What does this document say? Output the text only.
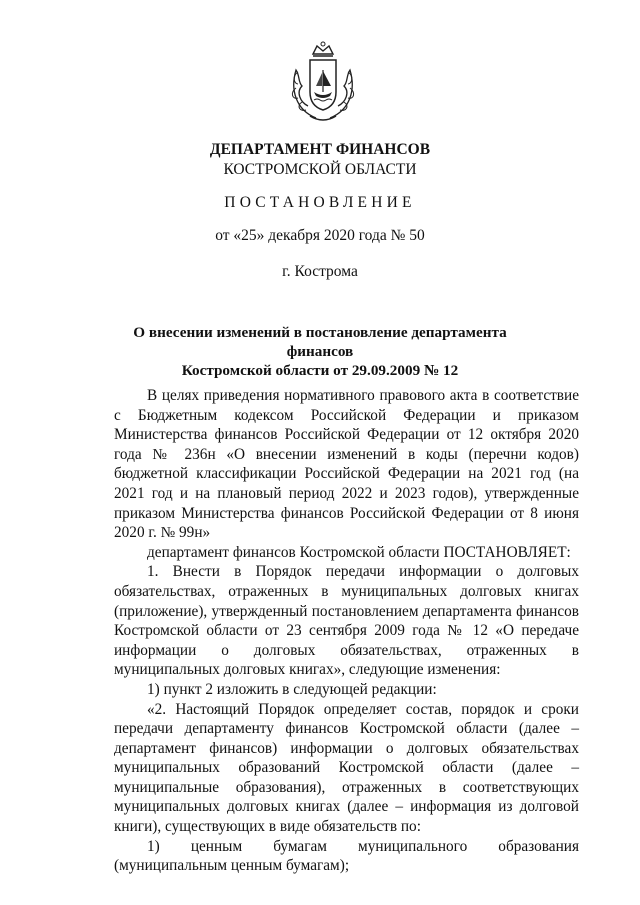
ДЕПАРТАМЕНТ ФИНАНСОВ
КОСТРОМСКОЙ ОБЛАСТИ
ПОСТАНОВЛЕНИЕ
от «25» декабря 2020 года № 50
г. Кострома
О внесении изменений в постановление департамента финансов
Костромской области от 29.09.2009 № 12

В целях приведения нормативного правового акта в соответствие с Бюджетным кодексом Российской Федерации и приказом Министерства финансов Российской Федерации от 12 октября 2020 года № 236н «О внесении изменений в коды (перечни кодов) бюджетной классификации Российской Федерации на 2021 год (на 2021 год и на плановый период 2022 и 2023 годов), утвержденные приказом Министерства финансов Российской Федерации от 8 июня 2020 г. № 99н»

департамент финансов Костромской области ПОСТАНОВЛЯЕТ:

1. Внести в Порядок передачи информации о долговых обязательствах, отраженных в муниципальных долговых книгах (приложение), утвержденный постановлением департамента финансов Костромской области от 23 сентября 2009 года № 12 «О передаче информации о долговых обязательствах, отраженных в муниципальных долговых книгах», следующие изменения:

1) пункт 2 изложить в следующей редакции:

«2. Настоящий Порядок определяет состав, порядок и сроки передачи департаменту финансов Костромской области (далее – департамент финансов) информации о долговых обязательствах муниципальных образований Костромской области (далее – муниципальные образования), отраженных в соответствующих муниципальных долговых книгах (далее – информация из долговой книги), существующих в виде обязательств по:

1) ценным бумагам муниципального образования (муниципальным ценным бумагам);
